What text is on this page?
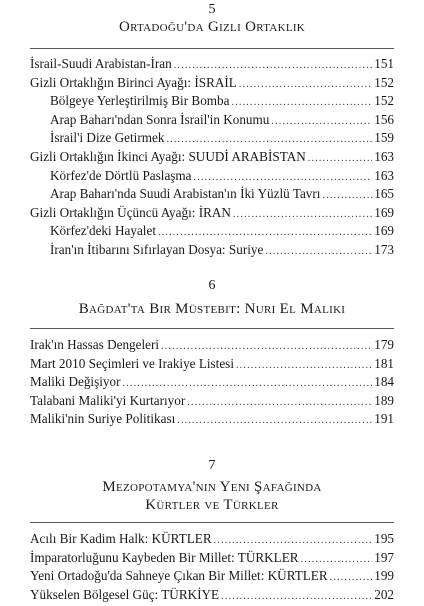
5
Ortadoğu'da Gizli Ortaklık
İsrail-Suudi Arabistan-İran .....	151
Gizli Ortaklığın Birinci Ayağı: İSRAİL .....	152
Bölgeye Yerleştirilmiş Bir Bomba .....	152
Arap Baharı'ndan Sonra İsrail'in Konumu .....	156
İsrail'i Dize Getirmek .....	159
Gizli Ortaklığın İkinci Ayağı: SUUDİ ARABİSTAN .....	163
Körfez'de Dörtlü Paslaşma .....	163
Arap Baharı'nda Suudi Arabistan'ın İki Yüzlü Tavrı .....	165
Gizli Ortaklığın Üçüncü Ayağı: İRAN .....	169
Körfez'deki Hayalet .....	169
İran'ın İtibarını Sıfırlayan Dosya: Suriye .....	173
6
Bağdat'ta Bir Müstebit: Nuri El Maliki
Irak'ın Hassas Dengeleri .....	179
Mart 2010 Seçimleri ve Irakiye Listesi .....	181
Maliki Değişiyor .....	184
Talabani Maliki'yi Kurtarıyor .....	189
Maliki'nin Suriye Politikası .....	191
7
Mezopotamya'nın Yeni Şafağında
Kürtler ve Türkler
Acılı Bir Kadim Halk: KÜRTLER .....	195
İmparatorluğunu Kaybeden Bir Millet: TÜRKLER .....	197
Yeni Ortadoğu'da Sahneye Çıkan Bir Millet: KÜRTLER .....	199
Yükselen Bölgesel Güç: TÜRKİYE .....	202
